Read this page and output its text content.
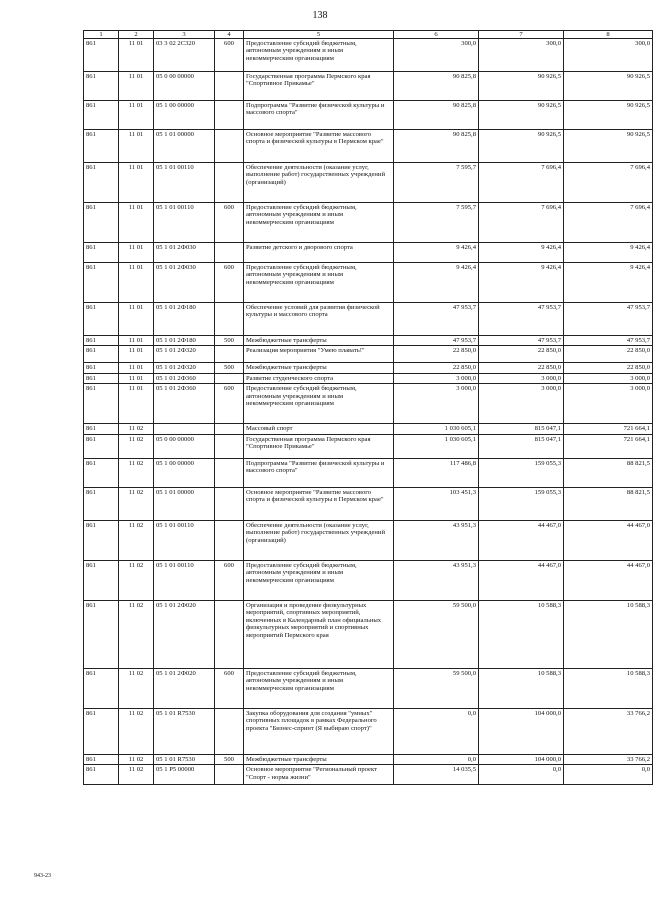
138
1	2	3	4	5	6	7	8
861	11 01	03 3 02 2С320	600	Предоставление субсидий бюджетным, автономным учреждениям и иным некоммерческим организациям	300,0	300,0	300,0
861	11 01	05 0 00 00000		Государственная программа Пермского края "Спортивное Прикамье"	90 825,8	90 926,5	90 926,5
861	11 01	05 1 00 00000		Подпрограмма "Развитие физической культуры и массового спорта"	90 825,8	90 926,5	90 926,5
861	11 01	05 1 01 00000		Основное мероприятие "Развитие массового спорта и физической культуры в Пермском крае"	90 825,8	90 926,5	90 926,5
861	11 01	05 1 01 00110		Обеспечение деятельности (оказание услуг, выполнение работ) государственных учреждений (организаций)	7 595,7	7 696,4	7 696,4
861	11 01	05 1 01 00110	600	Предоставление субсидий бюджетным, автономным учреждениям и иным некоммерческим организациям	7 595,7	7 696,4	7 696,4
861	11 01	05 1 01 2Ф030		Развитие детского и дворового спорта	9 426,4	9 426,4	9 426,4
861	11 01	05 1 01 2Ф030	600	Предоставление субсидий бюджетным, автономным учреждениям и иным некоммерческим организациям	9 426,4	9 426,4	9 426,4
861	11 01	05 1 01 2Ф180		Обеспечение условий для развития физической культуры и массового спорта	47 953,7	47 953,7	47 953,7
861	11 01	05 1 01 2Ф180	500	Межбюджетные трансферты	47 953,7	47 953,7	47 953,7
861	11 01	05 1 01 2Ф320		Реализация мероприятия "Умею плавать!"	22 850,0	22 850,0	22 850,0
861	11 01	05 1 01 2Ф320	500	Межбюджетные трансферты	22 850,0	22 850,0	22 850,0
861	11 01	05 1 01 2Ф360		Развитие студенческого спорта	3 000,0	3 000,0	3 000,0
861	11 01	05 1 01 2Ф360	600	Предоставление субсидий бюджетным, автономным учреждениям и иным некоммерческим организациям	3 000,0	3 000,0	3 000,0
861	11 02			Массовый спорт	1 030 605,1	815 047,1	721 664,1
861	11 02	05 0 00 00000		Государственная программа Пермского края "Спортивное Прикамье"	1 030 605,1	815 047,1	721 664,1
861	11 02	05 1 00 00000		Подпрограмма "Развитие физической культуры и массового спорта"	117 486,8	159 055,3	88 821,5
861	11 02	05 1 01 00000		Основное мероприятие "Развитие массового спорта и физической культуры в Пермском крае"	103 451,3	159 055,3	88 821,5
861	11 02	05 1 01 00110		Обеспечение деятельности (оказание услуг, выполнение работ) государственных учреждений (организаций)	43 951,3	44 467,0	44 467,0
861	11 02	05 1 01 00110	600	Предоставление субсидий бюджетным, автономным учреждениям и иным некоммерческим организациям	43 951,3	44 467,0	44 467,0
861	11 02	05 1 01 2Ф020		Организация и проведение физкультурных мероприятий, спортивных мероприятий, включенных в Календарный план официальных физкультурных мероприятий и спортивных мероприятий Пермского края	59 500,0	10 588,3	10 588,3
861	11 02	05 1 01 2Ф020	600	Предоставление субсидий бюджетным, автономным учреждениям и иным некоммерческим организациям	59 500,0	10 588,3	10 588,3
861	11 02	05 1 01 R7530		Закупка оборудования для создания "умных" спортивных площадок в рамках Федерального проекта "Бизнес-спринт (Я выбираю спорт)"	0,0	104 000,0	33 766,2
861	11 02	05 1 01 R7530	500	Межбюджетные трансферты	0,0	104 000,0	33 766,2
861	11 02	05 1 P5 00000		Основное мероприятие "Региональный проект "Спорт - норма жизни"	14 035,5	0,0	0,0
943-23
